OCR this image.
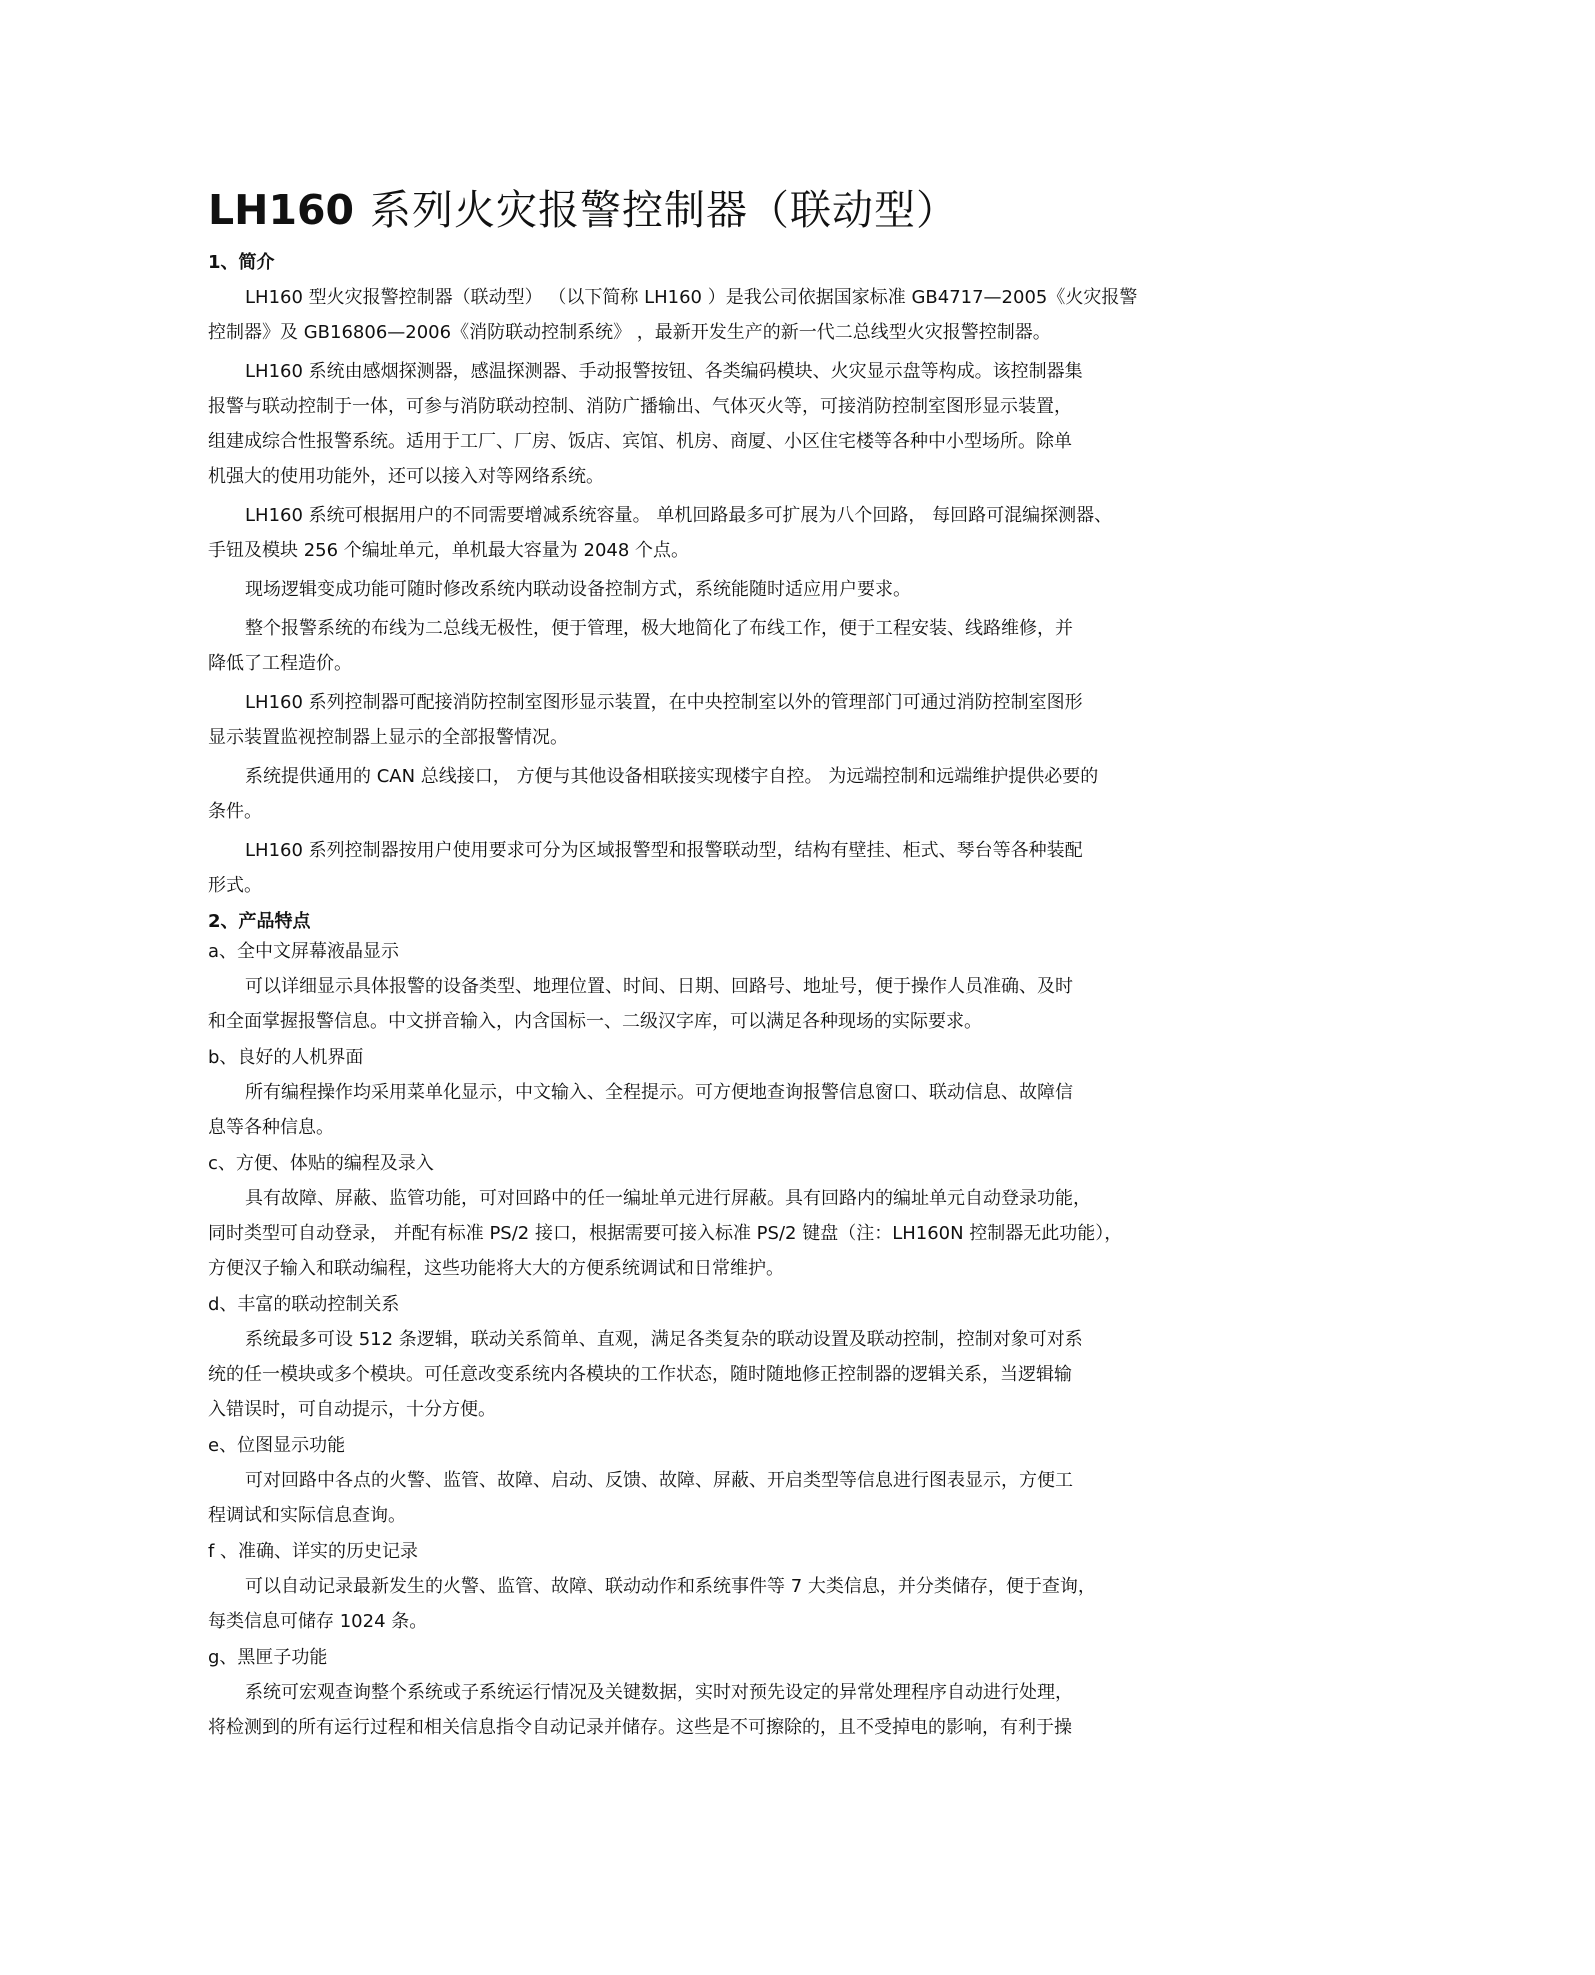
LH160 系列火灾报警控制器（联动型）
1、简介
LH160 型火灾报警控制器（联动型） （以下简称 LH160 ）是我公司依据国家标准 GB4717—2005《火灾报警
控制器》及 GB16806—2006《消防联动控制系统》 ，最新开发生产的新一代二总线型火灾报警控制器。
LH160 系统由感烟探测器，感温探测器、手动报警按钮、各类编码模块、火灾显示盘等构成。该控制器集
报警与联动控制于一体，可参与消防联动控制、消防广播输出、气体灭火等，可接消防控制室图形显示装置，
组建成综合性报警系统。适用于工厂、厂房、饭店、宾馆、机房、商厦、小区住宅楼等各种中小型场所。除单
机强大的使用功能外，还可以接入对等网络系统。
LH160 系统可根据用户的不同需要增减系统容量。 单机回路最多可扩展为八个回路， 每回路可混编探测器、
手钮及模块 256 个编址单元，单机最大容量为 2048 个点。
现场逻辑变成功能可随时修改系统内联动设备控制方式，系统能随时适应用户要求。
整个报警系统的布线为二总线无极性，便于管理，极大地简化了布线工作，便于工程安装、线路维修，并
降低了工程造价。
LH160 系列控制器可配接消防控制室图形显示装置，在中央控制室以外的管理部门可通过消防控制室图形
显示装置监视控制器上显示的全部报警情况。
系统提供通用的 CAN 总线接口， 方便与其他设备相联接实现楼宇自控。 为远端控制和远端维护提供必要的
条件。
LH160 系列控制器按用户使用要求可分为区域报警型和报警联动型，结构有壁挂、柜式、琴台等各种装配
形式。
2、产品特点
a、全中文屏幕液晶显示
可以详细显示具体报警的设备类型、地理位置、时间、日期、回路号、地址号，便于操作人员准确、及时
和全面掌握报警信息。中文拼音输入，内含国标一、二级汉字库，可以满足各种现场的实际要求。
b、良好的人机界面
所有编程操作均采用菜单化显示，中文输入、全程提示。可方便地查询报警信息窗口、联动信息、故障信
息等各种信息。
c、方便、体贴的编程及录入
具有故障、屏蔽、监管功能，可对回路中的任一编址单元进行屏蔽。具有回路内的编址单元自动登录功能，
同时类型可自动登录， 并配有标准 PS/2 接口，根据需要可接入标准 PS/2 键盘（注：LH160N 控制器无此功能），
方便汉子输入和联动编程，这些功能将大大的方便系统调试和日常维护。
d、丰富的联动控制关系
系统最多可设 512 条逻辑，联动关系简单、直观，满足各类复杂的联动设置及联动控制，控制对象可对系
统的任一模块或多个模块。可任意改变系统内各模块的工作状态，随时随地修正控制器的逻辑关系，当逻辑输
入错误时，可自动提示，十分方便。
e、位图显示功能
可对回路中各点的火警、监管、故障、启动、反馈、故障、屏蔽、开启类型等信息进行图表显示，方便工
程调试和实际信息查询。
f 、准确、详实的历史记录
可以自动记录最新发生的火警、监管、故障、联动动作和系统事件等 7 大类信息，并分类储存，便于查询，
每类信息可储存 1024 条。
g、黑匣子功能
系统可宏观查询整个系统或子系统运行情况及关键数据，实时对预先设定的异常处理程序自动进行处理，
将检测到的所有运行过程和相关信息指令自动记录并储存。这些是不可擦除的，且不受掉电的影响，有利于操
